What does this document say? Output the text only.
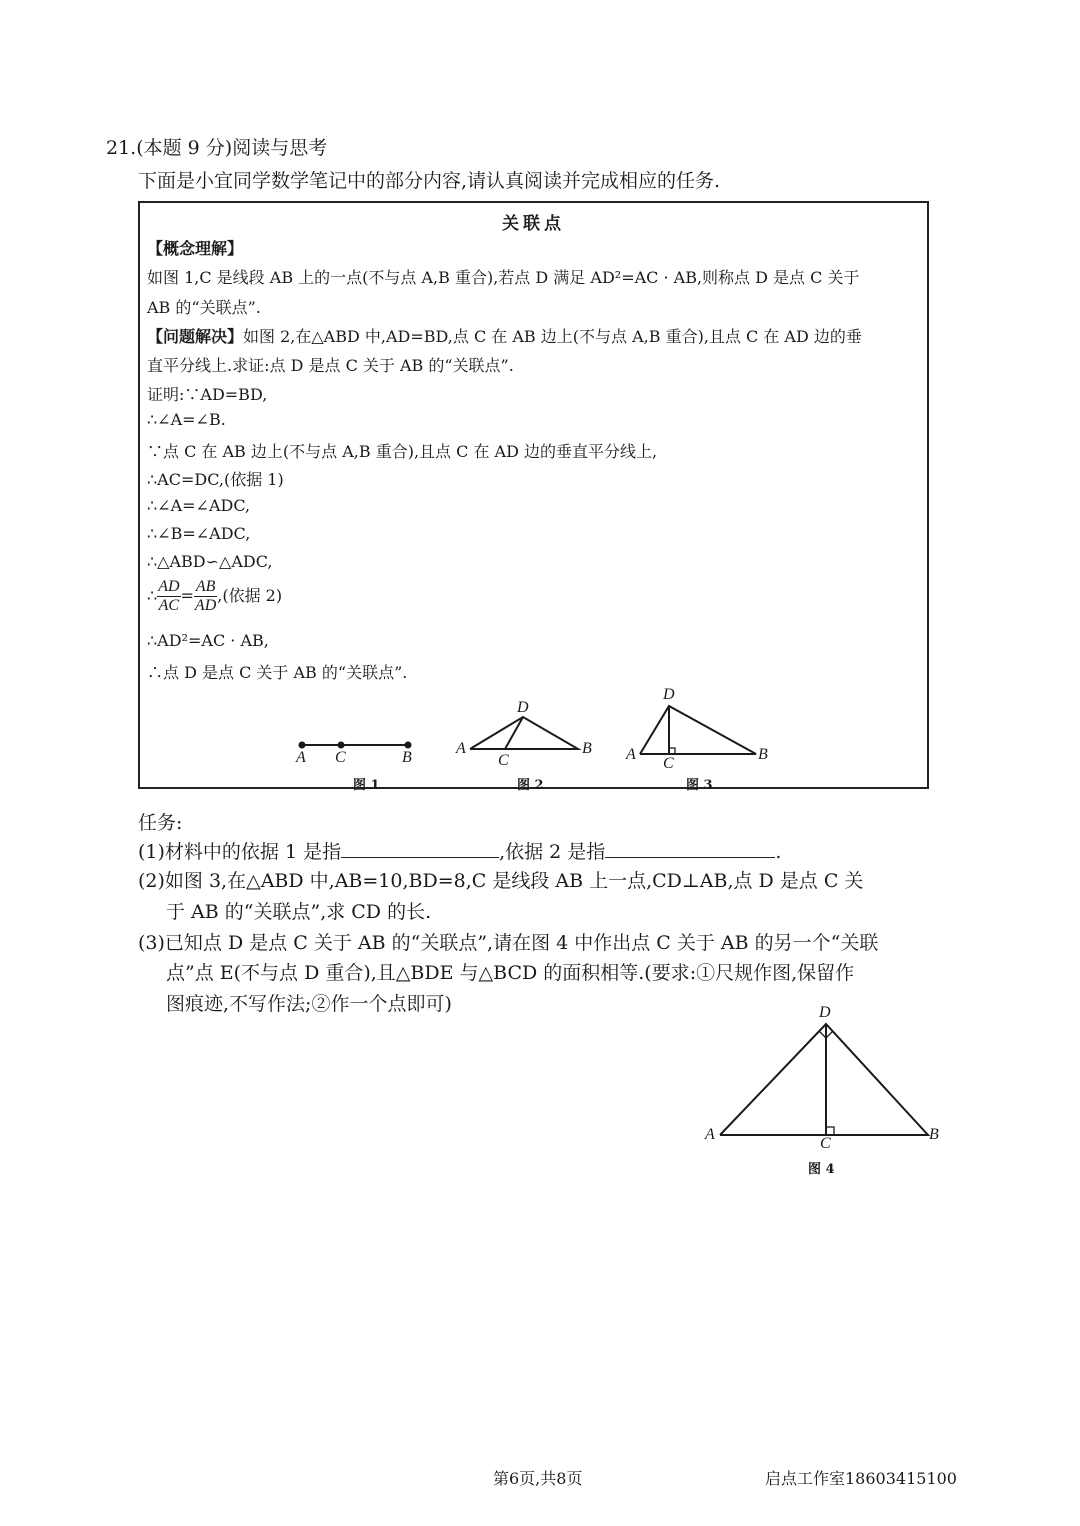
21.(本题 9 分)阅读与思考
下面是小宜同学数学笔记中的部分内容,请认真阅读并完成相应的任务.
关联点
【概念理解】
如图 1,C 是线段 AB 上的一点(不与点 A,B 重合),若点 D 满足 AD²=AC · AB,则称点 D 是点 C 关于
AB 的“关联点”.
【问题解决】如图 2,在△ABD 中,AD=BD,点 C 在 AB 边上(不与点 A,B 重合),且点 C 在 AD 边的垂
直平分线上.求证:点 D 是点 C 关于 AB 的“关联点”.
证明:∵AD=BD,
∴∠A=∠B.
∵点 C 在 AB 边上(不与点 A,B 重合),且点 C 在 AD 边的垂直平分线上,
∴AC=DC,(依据 1)
∴∠A=∠ADC,
∴∠B=∠ADC,
∴△ABD∽△ADC,
∴ $\frac{AD}{AC} = \frac{AB}{AD}$ ,(依据 2)
∴AD²=AC · AB,
∴点 D 是点 C 关于 AB 的“关联点”.
A C	B
图 1
A
D
C
B
图 2
A
D
C
B
图 3
任务:
(1)材料中的依据 1 是指	,依据 2 是指	.
(2)如图 3,在△ABD 中,AB=10,BD=8,C 是线段 AB 上一点,CD⊥AB,点 D 是点 C 关
于 AB 的“关联点”,求 CD 的长.
(3)已知点 D 是点 C 关于 AB 的“关联点”,请在图 4 中作出点 C 关于 AB 的另一个“关联
点”点 E(不与点 D 重合),且△BDE 与△BCD 的面积相等.(要求:①尺规作图,保留作
图痕迹,不写作法;②作一个点即可)
A
D
C
B
图 4
第6页,共8页	启点工作室18603415100
